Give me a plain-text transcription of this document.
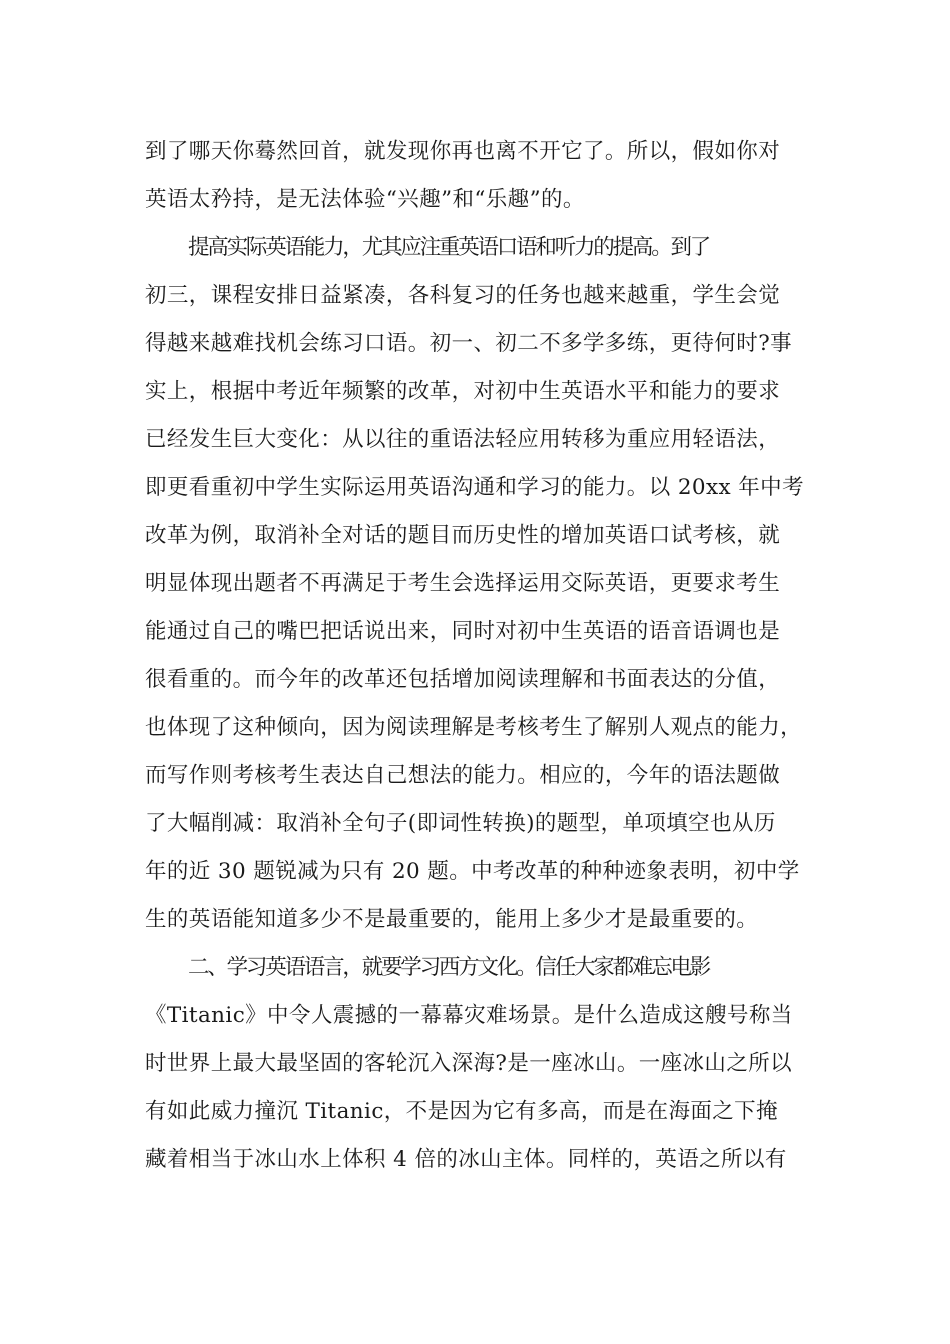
到了哪天你蓦然回首，就发现你再也离不开它了。所以，假如你对

英语太矜持，是无法体验“兴趣”和“乐趣”的。

提高实际英语能力，尤其应注重英语口语和听力的提高。到了

初三，课程安排日益紧凑，各科复习的任务也越来越重，学生会觉

得越来越难找机会练习口语。初一、初二不多学多练，更待何时?事

实上，根据中考近年频繁的改革，对初中生英语水平和能力的要求

已经发生巨大变化：从以往的重语法轻应用转移为重应用轻语法，

即更看重初中学生实际运用英语沟通和学习的能力。以 20xx 年中考

改革为例，取消补全对话的题目而历史性的增加英语口试考核，就

明显体现出题者不再满足于考生会选择运用交际英语，更要求考生

能通过自己的嘴巴把话说出来，同时对初中生英语的语音语调也是

很看重的。而今年的改革还包括增加阅读理解和书面表达的分值，

也体现了这种倾向，因为阅读理解是考核考生了解别人观点的能力，

而写作则考核考生表达自己想法的能力。相应的，今年的语法题做

了大幅削减：取消补全句子(即词性转换)的题型，单项填空也从历

年的近 30 题锐减为只有 20 题。中考改革的种种迹象表明，初中学

生的英语能知道多少不是最重要的，能用上多少才是最重要的。

二、学习英语语言，就要学习西方文化。信任大家都难忘电影

《Titanic》中令人震撼的一幕幕灾难场景。是什么造成这艘号称当

时世界上最大最坚固的客轮沉入深海?是一座冰山。一座冰山之所以

有如此威力撞沉 Titanic，不是因为它有多高，而是在海面之下掩

藏着相当于冰山水上体积 4 倍的冰山主体。同样的，英语之所以有
